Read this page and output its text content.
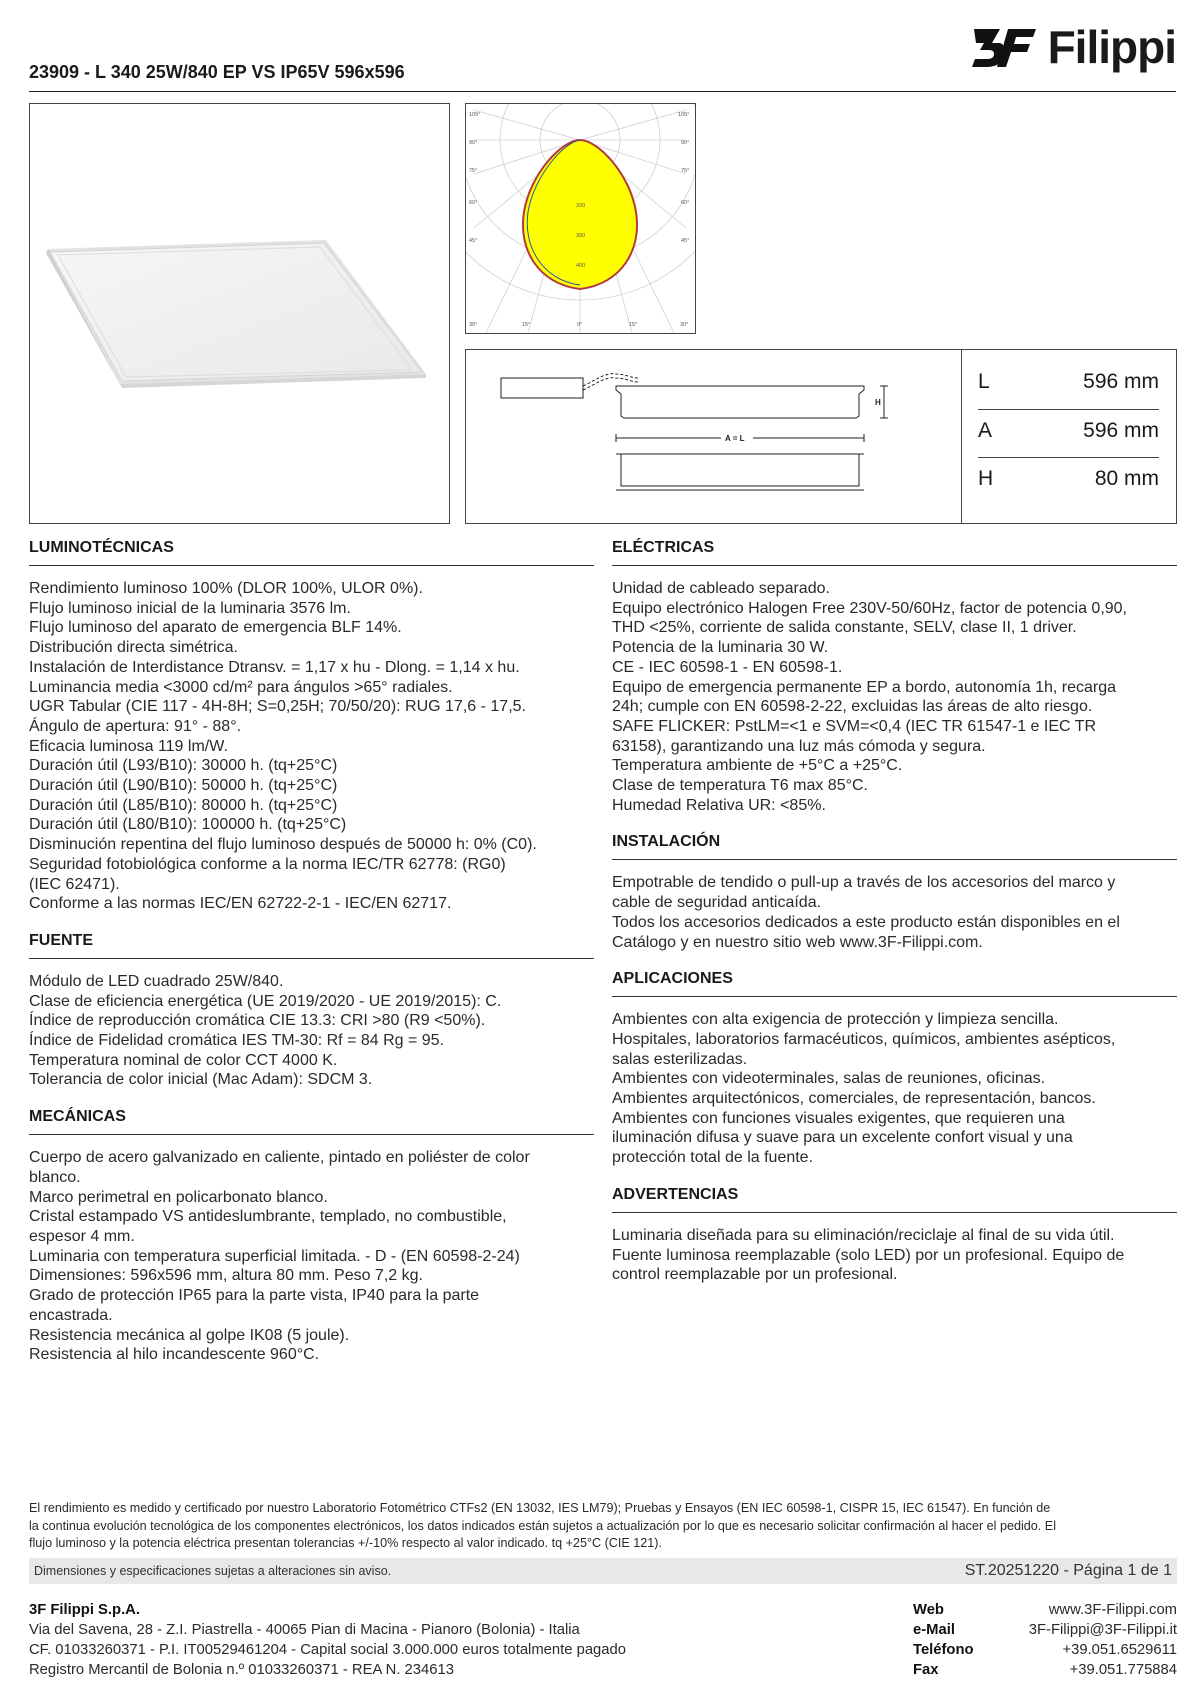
23909 - L 340 25W/840 EP VS IP65V 596x596	Filippi
105°
90°
75°
60°
45°
105°
90°
75°
60°
45°
30°	15°	0°	15°	30°
200
300
400
A = L
H
L	596 mm
A	596 mm
H	80 mm
LUMINOTÉCNICAS
Rendimiento luminoso 100% (DLOR 100%, ULOR 0%).
Flujo luminoso inicial de la luminaria 3576 lm.
Flujo luminoso del aparato de emergencia BLF 14%.
Distribución directa simétrica.
Instalación de Interdistance Dtransv. = 1,17 x hu - Dlong. = 1,14 x hu.
Luminancia media <3000 cd/m² para ángulos >65° radiales.
UGR Tabular (CIE 117 - 4H-8H; S=0,25H; 70/50/20): RUG 17,6 - 17,5.
Ángulo de apertura: 91° - 88°.
Eficacia luminosa 119 lm/W.
Duración útil (L93/B10): 30000 h. (tq+25°C)
Duración útil (L90/B10): 50000 h. (tq+25°C)
Duración útil (L85/B10): 80000 h. (tq+25°C)
Duración útil (L80/B10): 100000 h. (tq+25°C)
Disminución repentina del flujo luminoso después de 50000 h: 0% (C0).
Seguridad fotobiológica conforme a la norma IEC/TR 62778: (RG0)
(IEC 62471).
Conforme a las normas IEC/EN 62722-2-1 - IEC/EN 62717.
FUENTE
Módulo de LED cuadrado 25W/840.
Clase de eficiencia energética (UE 2019/2020 - UE 2019/2015): C.
Índice de reproducción cromática CIE 13.3: CRI >80 (R9 <50%).
Índice de Fidelidad cromática IES TM-30: Rf = 84 Rg = 95.
Temperatura nominal de color CCT 4000 K.
Tolerancia de color inicial (Mac Adam): SDCM 3.
MECÁNICAS
Cuerpo de acero galvanizado en caliente, pintado en poliéster de color
blanco.
Marco perimetral en policarbonato blanco.
Cristal estampado VS antideslumbrante, templado, no combustible,
espesor 4 mm.
Luminaria con temperatura superficial limitada. - D - (EN 60598-2-24)
Dimensiones: 596x596 mm, altura 80 mm. Peso 7,2 kg.
Grado de protección IP65 para la parte vista, IP40 para la parte
encastrada.
Resistencia mecánica al golpe IK08 (5 joule).
Resistencia al hilo incandescente 960°C.
ELÉCTRICAS
Unidad de cableado separado.
Equipo electrónico Halogen Free 230V-50/60Hz, factor de potencia 0,90,
THD <25%, corriente de salida constante, SELV, clase II, 1 driver.
Potencia de la luminaria 30 W.
CE - IEC 60598-1 - EN 60598-1.
Equipo de emergencia permanente EP a bordo, autonomía 1h, recarga
24h; cumple con EN 60598-2-22, excluidas las áreas de alto riesgo.
SAFE FLICKER: PstLM=<1 e SVM=<0,4 (IEC TR 61547-1 e IEC TR
63158), garantizando una luz más cómoda y segura.
Temperatura ambiente de +5°C a +25°C.
Clase de temperatura T6 max 85°C.
Humedad Relativa UR: <85%.
INSTALACIÓN
Empotrable de tendido o pull-up a través de los accesorios del marco y
cable de seguridad anticaída.
Todos los accesorios dedicados a este producto están disponibles en el
Catálogo y en nuestro sitio web www.3F-Filippi.com.
APLICACIONES
Ambientes con alta exigencia de protección y limpieza sencilla.
Hospitales, laboratorios farmacéuticos, químicos, ambientes asépticos,
salas esterilizadas.
Ambientes con videoterminales, salas de reuniones, oficinas.
Ambientes arquitectónicos, comerciales, de representación, bancos.
Ambientes con funciones visuales exigentes, que requieren una
iluminación difusa y suave para un excelente confort visual y una
protección total de la fuente.
ADVERTENCIAS
Luminaria diseñada para su eliminación/reciclaje al final de su vida útil.
Fuente luminosa reemplazable (solo LED) por un profesional. Equipo de
control reemplazable por un profesional.
El rendimiento es medido y certificado por nuestro Laboratorio Fotométrico CTFs2 (EN 13032, IES LM79); Pruebas y Ensayos (EN IEC 60598-1, CISPR 15, IEC 61547). En función de
la continua evolución tecnológica de los componentes electrónicos, los datos indicados están sujetos a actualización por lo que es necesario solicitar confirmación al hacer el pedido. El
flujo luminoso y la potencia eléctrica presentan tolerancias +/-10% respecto al valor indicado. tq +25°C (CIE 121).
Dimensiones y especificaciones sujetas a alteraciones sin aviso.	ST.20251220 - Página 1 de 1
3F Filippi S.p.A.
Via del Savena, 28 - Z.I. Piastrella - 40065 Pian di Macina - Pianoro (Bolonia) - Italia
CF. 01033260371 - P.I. IT00529461204 - Capital social 3.000.000 euros totalmente pagado
Registro Mercantil de Bolonia n.º 01033260371 - REA N. 234613
Web	www.3F-Filippi.com
e-Mail	3F-Filippi@3F-Filippi.it
Teléfono	+39.051.6529611
Fax	+39.051.775884
